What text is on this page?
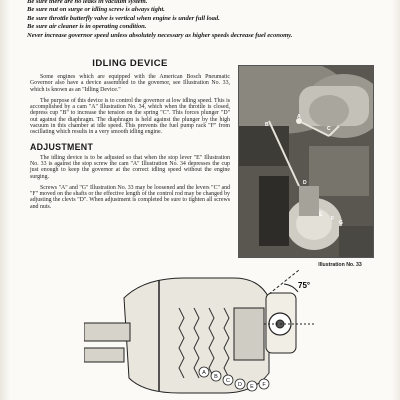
Be sure there are no leaks in vacuum system.

Be sure nut on surge or idling screw is always tight.

Be sure throttle butterfly valve is vertical when engine is under full load.

Be sure air cleaner is in operating condition.

Never increase governor speed unless absolutely necessary as higher speeds decrease fuel economy.

IDLING DEVICE

Some engines which are equipped with the American Bosch Pneumatic Governor also have a device assembled to the governor, see Illustration No. 33, which is known as an "Idling Device."

The purpose of this device is to control the governor at low idling speed. This is accomplished by a cam "A" Illustration No. 34, which when the throttle is closed, depress cup "B" to increase the tension on the spring "C". This forces plunger "D" out against the diaphragm. The diaphragm is held against the plunger by the high vacuum in this chamber at idle speed. This prevents the fuel pump rack "F" from oscillating which results in a very smooth idling engine.

ADJUSTMENT

The idling device is to be adjusted so that when the stop lever "E" Illustration No. 33 is against the stop screw the cam "A" Illustration No. 34 depresses the cup just enough to keep the governor at the correct idling speed without the engine surging.

Screws "A" and "G" Illustration No. 33 may be loosened and the levers "C" and "F" moved on the shafts or the effective length of the control rod may be changed by adjusting the clevis "D". When adjustment is completed be sure to tighten all screws and nuts.

A
B
C
D
E
F
G
Illustration No. 33
75°
A
B
C
D E F
